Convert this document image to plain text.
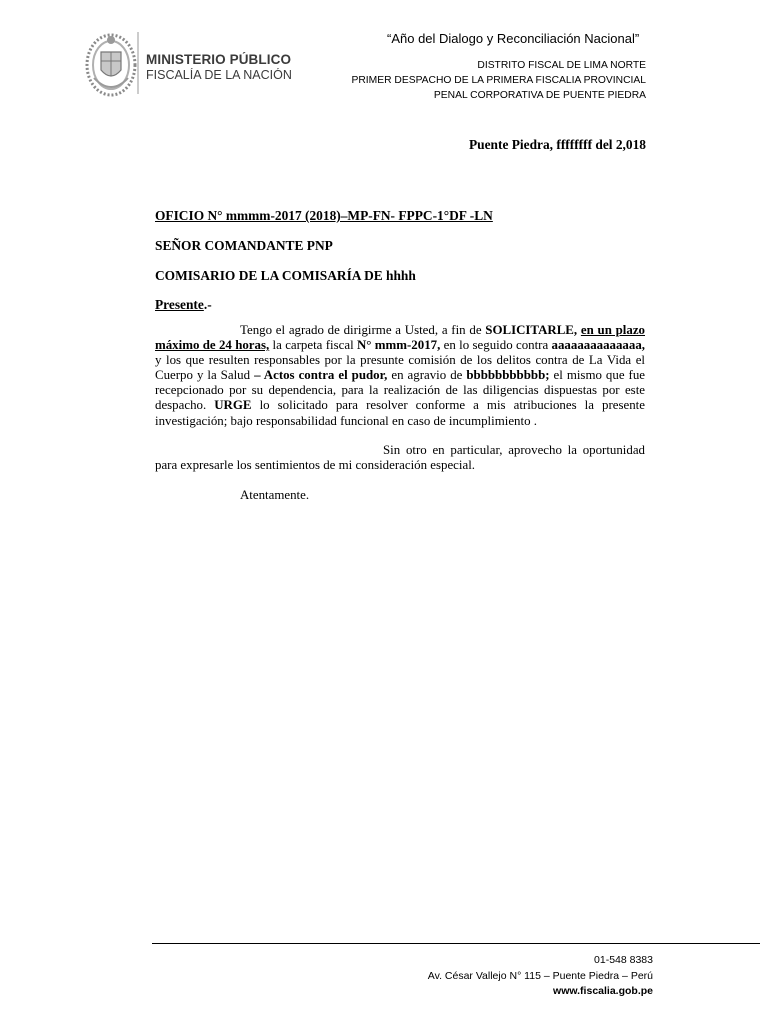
MINISTERIO PÚBLICO
FISCALÍA DE LA NACIÓN
“Año del Dialogo y Reconciliación Nacional”
DISTRITO FISCAL DE LIMA NORTE
PRIMER DESPACHO DE LA PRIMERA FISCALIA PROVINCIAL
PENAL CORPORATIVA DE PUENTE PIEDRA
Puente Piedra, ffffffff del 2,018
OFICIO N° mmmm-2017 (2018)–MP-FN- FPPC-1°DF -LN
SEÑOR COMANDANTE PNP
COMISARIO DE LA COMISARÍA DE hhhh
Presente.-

Tengo el agrado de dirigirme a Usted, a fin de SOLICITARLE, en un plazo máximo de 24 horas, la carpeta fiscal N° mmm-2017, en lo seguido contra aaaaaaaaaaaaaa, y los que resulten responsables por la presunte comisión de los delitos contra de La Vida el Cuerpo y la Salud – Actos contra el pudor, en agravio de bbbbbbbbbbb; el mismo que fue recepcionado por su dependencia, para la realización de las diligencias dispuestas por este despacho. URGE lo solicitado para resolver conforme a mis atribuciones la presente investigación; bajo responsabilidad funcional en caso de incumplimiento .

Sin otro en particular, aprovecho la oportunidad para expresarle los sentimientos de mi consideración especial.

Atentamente.

01-548 8383
Av. César Vallejo N° 115 – Puente Piedra – Perú
www.fiscalia.gob.pe
